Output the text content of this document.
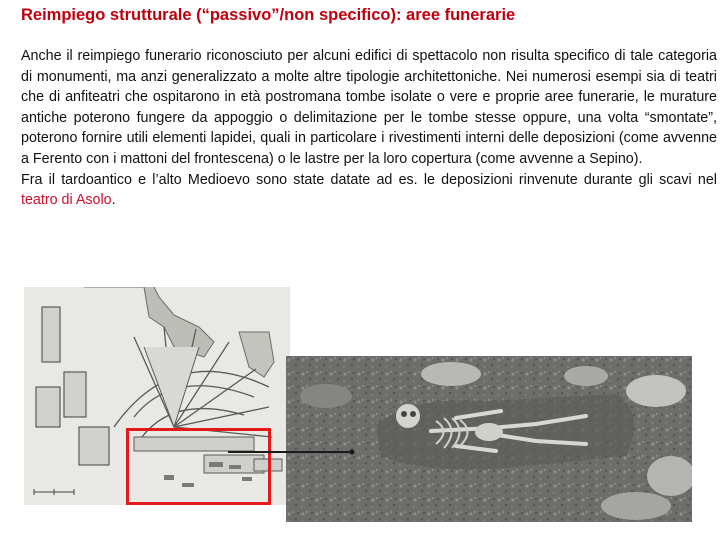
Reimpiego strutturale (“passivo”/non specifico): aree funerarie

Anche il reimpiego funerario riconosciuto per alcuni edifici di spettacolo non risulta specifico di tale categoria di monumenti, ma anzi generalizzato a molte altre tipologie architettoniche. Nei numerosi esempi sia di teatri che di anfiteatri che ospitarono in età postromana tombe isolate o vere e proprie aree funerarie, le murature antiche poterono fungere da appoggio o delimitazione per le tombe stesse oppure, una volta “smontate”, poterono fornire utili elementi lapidei, quali in particolare i rivestimenti interni delle deposizioni (come avvenne a Ferento con i mattoni del frontescena) o le lastre per la loro copertura (come avvenne a Sepino).

Fra il tardoantico e l’alto Medioevo sono state datate ad es. le deposizioni rinvenute durante gli scavi nel teatro di Asolo.
